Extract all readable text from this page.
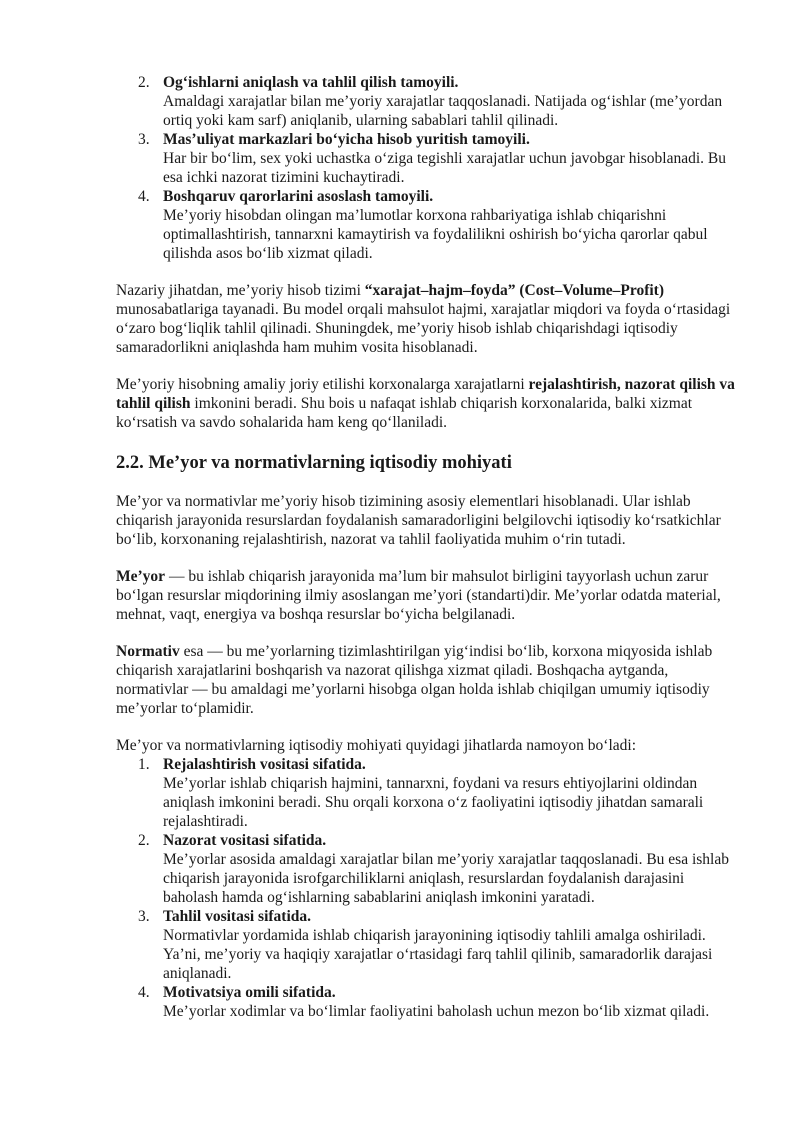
2. Og‘ishlarni aniqlash va tahlil qilish tamoyili.
Amaldagi xarajatlar bilan me’yoriy xarajatlar taqqoslanadi. Natijada og‘ishlar (me’yordan ortiq yoki kam sarf) aniqlanib, ularning sabablari tahlil qilinadi.
3. Mas’uliyat markazlari bo‘yicha hisob yuritish tamoyili.
Har bir bo‘lim, sex yoki uchastka o‘ziga tegishli xarajatlar uchun javobgar hisoblanadi. Bu esa ichki nazorat tizimini kuchaytiradi.
4. Boshqaruv qarorlarini asoslash tamoyili.
Me’yoriy hisobdan olingan ma’lumotlar korxona rahbariyatiga ishlab chiqarishni optimallashtirish, tannarxni kamaytirish va foydalilikni oshirish bo‘yicha qarorlar qabul qilishda asos bo‘lib xizmat qiladi.

Nazariy jihatdan, me’yoriy hisob tizimi “xarajat–hajm–foyda” (Cost–Volume–Profit) munosabatlariga tayanadi. Bu model orqali mahsulot hajmi, xarajatlar miqdori va foyda o‘rtasidagi o‘zaro bog‘liqlik tahlil qilinadi. Shuningdek, me’yoriy hisob ishlab chiqarishdagi iqtisodiy samaradorlikni aniqlashda ham muhim vosita hisoblanadi.

Me’yoriy hisobning amaliy joriy etilishi korxonalarga xarajatlarni rejalashtirish, nazorat qilish va tahlil qilish imkonini beradi. Shu bois u nafaqat ishlab chiqarish korxonalarida, balki xizmat ko‘rsatish va savdo sohalarida ham keng qo‘llaniladi.

2.2. Me’yor va normativlarning iqtisodiy mohiyati

Me’yor va normativlar me’yoriy hisob tizimining asosiy elementlari hisoblanadi. Ular ishlab chiqarish jarayonida resurslardan foydalanish samaradorligini belgilovchi iqtisodiy ko‘rsatkichlar bo‘lib, korxonaning rejalashtirish, nazorat va tahlil faoliyatida muhim o‘rin tutadi.

Me’yor — bu ishlab chiqarish jarayonida ma’lum bir mahsulot birligini tayyorlash uchun zarur bo‘lgan resurslar miqdorining ilmiy asoslangan me’yori (standarti)dir. Me’yorlar odatda material, mehnat, vaqt, energiya va boshqa resurslar bo‘yicha belgilanadi.

Normativ esa — bu me’yorlarning tizimlashtirilgan yig‘indisi bo‘lib, korxona miqyosida ishlab chiqarish xarajatlarini boshqarish va nazorat qilishga xizmat qiladi. Boshqacha aytganda, normativlar — bu amaldagi me’yorlarni hisobga olgan holda ishlab chiqilgan umumiy iqtisodiy me’yorlar to‘plamidir.

Me’yor va normativlarning iqtisodiy mohiyati quyidagi jihatlarda namoyon bo‘ladi:

1. Rejalashtirish vositasi sifatida.
Me’yorlar ishlab chiqarish hajmini, tannarxni, foydani va resurs ehtiyojlarini oldindan aniqlash imkonini beradi. Shu orqali korxona o‘z faoliyatini iqtisodiy jihatdan samarali rejalashtiradi.
2. Nazorat vositasi sifatida.
Me’yorlar asosida amaldagi xarajatlar bilan me’yoriy xarajatlar taqqoslanadi. Bu esa ishlab chiqarish jarayonida isrofgarchiliklarni aniqlash, resurslardan foydalanish darajasini baholash hamda og‘ishlarning sabablarini aniqlash imkonini yaratadi.
3. Tahlil vositasi sifatida.
Normativlar yordamida ishlab chiqarish jarayonining iqtisodiy tahlili amalga oshiriladi. Ya’ni, me’yoriy va haqiqiy xarajatlar o‘rtasidagi farq tahlil qilinib, samaradorlik darajasi aniqlanadi.
4. Motivatsiya omili sifatida.
Me’yorlar xodimlar va bo‘limlar faoliyatini baholash uchun mezon bo‘lib xizmat qiladi.
